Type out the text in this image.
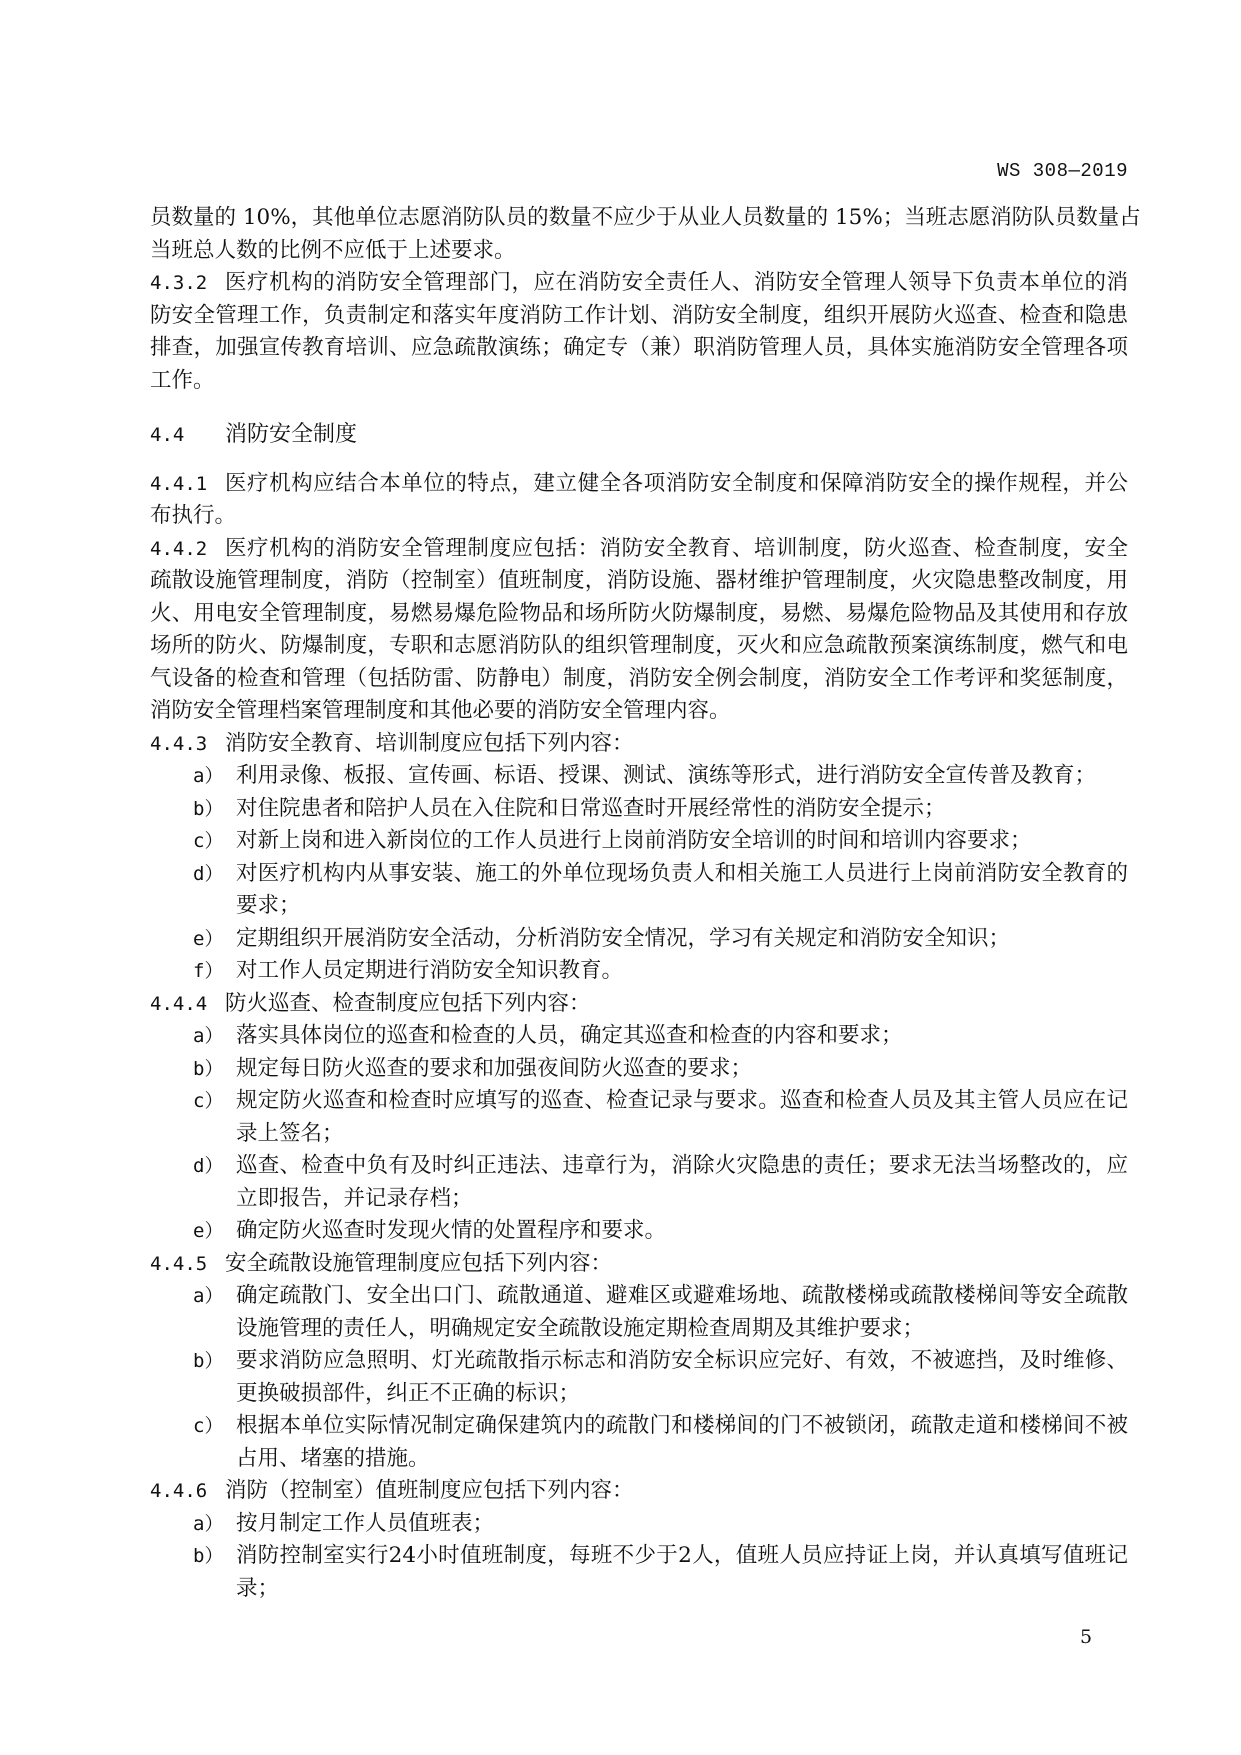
WS 308—2019
员数量的 10%，其他单位志愿消防队员的数量不应少于从业人员数量的 15%；当班志愿消防队员数量占
当班总人数的比例不应低于上述要求。
4.3.2 医疗机构的消防安全管理部门，应在消防安全责任人、消防安全管理人领导下负责本单位的消
防安全管理工作，负责制定和落实年度消防工作计划、消防安全制度，组织开展防火巡查、检查和隐患
排查，加强宣传教育培训、应急疏散演练；确定专（兼）职消防管理人员，具体实施消防安全管理各项
工作。
4.4	消防安全制度
4.4.1 医疗机构应结合本单位的特点，建立健全各项消防安全制度和保障消防安全的操作规程，并公
布执行。
4.4.2 医疗机构的消防安全管理制度应包括：消防安全教育、培训制度，防火巡查、检查制度，安全
疏散设施管理制度，消防（控制室）值班制度，消防设施、器材维护管理制度，火灾隐患整改制度，用
火、用电安全管理制度，易燃易爆危险物品和场所防火防爆制度，易燃、易爆危险物品及其使用和存放
场所的防火、防爆制度，专职和志愿消防队的组织管理制度，灭火和应急疏散预案演练制度，燃气和电
气设备的检查和管理（包括防雷、防静电）制度，消防安全例会制度，消防安全工作考评和奖惩制度，
消防安全管理档案管理制度和其他必要的消防安全管理内容。
4.4.3 消防安全教育、培训制度应包括下列内容：
a） 利用录像、板报、宣传画、标语、授课、测试、演练等形式，进行消防安全宣传普及教育；
b） 对住院患者和陪护人员在入住院和日常巡查时开展经常性的消防安全提示；
c） 对新上岗和进入新岗位的工作人员进行上岗前消防安全培训的时间和培训内容要求；
d） 对医疗机构内从事安装、施工的外单位现场负责人和相关施工人员进行上岗前消防安全教育的
要求；
e） 定期组织开展消防安全活动，分析消防安全情况，学习有关规定和消防安全知识；
f） 对工作人员定期进行消防安全知识教育。
4.4.4 防火巡查、检查制度应包括下列内容：
a） 落实具体岗位的巡查和检查的人员，确定其巡查和检查的内容和要求；
b） 规定每日防火巡查的要求和加强夜间防火巡查的要求；
c） 规定防火巡查和检查时应填写的巡查、检查记录与要求。巡查和检查人员及其主管人员应在记
录上签名；
d） 巡查、检查中负有及时纠正违法、违章行为，消除火灾隐患的责任；要求无法当场整改的，应
立即报告，并记录存档；
e） 确定防火巡查时发现火情的处置程序和要求。
4.4.5 安全疏散设施管理制度应包括下列内容：
a） 确定疏散门、安全出口门、疏散通道、避难区或避难场地、疏散楼梯或疏散楼梯间等安全疏散
设施管理的责任人，明确规定安全疏散设施定期检查周期及其维护要求；
b） 要求消防应急照明、灯光疏散指示标志和消防安全标识应完好、有效，不被遮挡，及时维修、
更换破损部件，纠正不正确的标识；
c） 根据本单位实际情况制定确保建筑内的疏散门和楼梯间的门不被锁闭，疏散走道和楼梯间不被
占用、堵塞的措施。
4.4.6 消防（控制室）值班制度应包括下列内容：
a） 按月制定工作人员值班表；
b） 消防控制室实行24小时值班制度，每班不少于2人，值班人员应持证上岗，并认真填写值班记
录；
5
